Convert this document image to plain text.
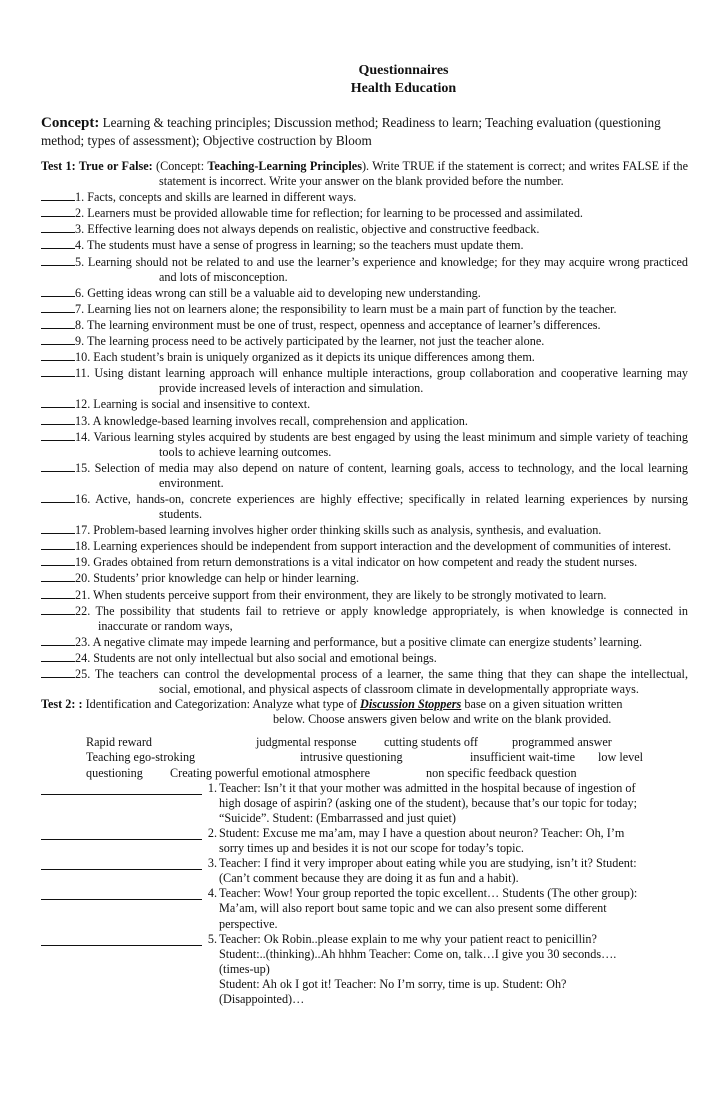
Questionnaires
Health Education
Concept: Learning & teaching principles; Discussion method; Readiness to learn; Teaching evaluation (questioning method; types of assessment); Objective costruction by Bloom
Test 1: True or False: (Concept: Teaching-Learning Principles). Write TRUE if the statement is correct; and writes FALSE if the statement is incorrect. Write your answer on the blank provided before the number.
1. Facts, concepts and skills are learned in different ways.
2. Learners must be provided allowable time for reflection; for learning to be processed and assimilated.
3. Effective learning does not always depends on realistic, objective and constructive feedback.
4. The students must have a sense of progress in learning; so the teachers must update them.
5. Learning should not be related to and use the learner’s experience and knowledge; for they may acquire wrong practiced and lots of misconception.
6. Getting ideas wrong can still be a valuable aid to developing new understanding.
7. Learning lies not on learners alone; the responsibility to learn must be a main part of function by the teacher.
8. The learning environment must be one of trust, respect, openness and acceptance of learner’s differences.
9. The learning process need to be actively participated by the learner, not just the teacher alone.
10. Each student’s brain is uniquely organized as it depicts its unique differences among them.
11. Using distant learning approach will enhance multiple interactions, group collaboration and cooperative learning may provide increased levels of interaction and simulation.
12. Learning is social and insensitive to context.
13. A knowledge-based learning involves recall, comprehension and application.
14. Various learning styles acquired by students are best engaged by using the least minimum and simple variety of teaching tools to achieve learning outcomes.
15. Selection of media may also depend on nature of content, learning goals, access to technology, and the local learning environment.
16. Active, hands-on, concrete experiences are highly effective; specifically in related learning experiences by nursing students.
17. Problem-based learning involves higher order thinking skills such as analysis, synthesis, and evaluation.
18. Learning experiences should be independent from support interaction and the development of communities of interest.
19. Grades obtained from return demonstrations is a vital indicator on how competent and ready the student nurses.
20. Students’ prior knowledge can help or hinder learning.
21. When students perceive support from their environment, they are likely to be strongly motivated to learn.
22. The possibility that students fail to retrieve or apply knowledge appropriately, is when knowledge is connected in inaccurate or random ways,
23. A negative climate may impede learning and performance, but a positive climate can energize students’ learning.
24. Students are not only intellectual but also social and emotional beings.
25. The teachers can control the developmental process of a learner, the same thing that they can shape the intellectual, social, emotional, and physical aspects of classroom climate in developmentally appropriate ways.
Test 2: : Identification and Categorization: Analyze what type of Discussion Stoppers base on a given situation written
below. Choose answers given below and write on the blank provided.
Rapid reward	judgmental response cutting students off	programmed answer
Teaching ego-stroking	intrusive questioning	insufficient wait-time low level
questioning Creating powerful emotional atmosphere	non specific feedback question
1. Teacher: Isn’t it that your mother was admitted in the hospital because of ingestion of
high dosage of aspirin? (asking one of the student), because that’s our topic for today;
“Suicide”. Student: (Embarrassed and just quiet)
2. Student: Excuse me ma’am, may I have a question about neuron? Teacher: Oh, I’m
sorry times up and besides it is not our scope for today’s topic.
3. Teacher: I find it very improper about eating while you are studying, isn’t it? Student:
(Can’t comment because they are doing it as fun and a habit).
4. Teacher: Wow! Your group reported the topic excellent… Students (The other group):
Ma’am, will also report bout same topic and we can also present some different
perspective.
5. Teacher: Ok Robin..please explain to me why your patient react to penicillin?
Student:..(thinking)..Ah hhhm Teacher: Come on, talk…I give you 30 seconds….
(times-up)
Student: Ah ok I got it! Teacher: No I’m sorry, time is up. Student: Oh?
(Disappointed)…
